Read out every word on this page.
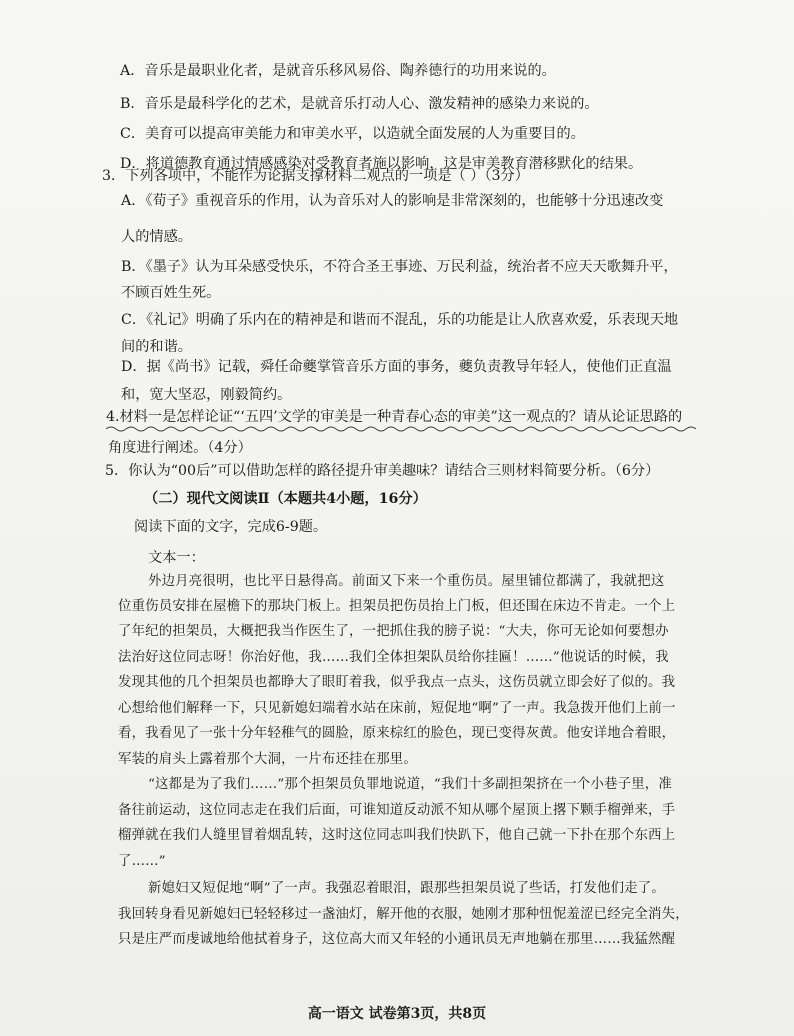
A．音乐是最职业化者，是就音乐移风易俗、陶养德行的功用来说的。
B．音乐是最科学化的艺术，是就音乐打动人心、激发精神的感染力来说的。
C．美育可以提高审美能力和审美水平，以造就全面发展的人为重要目的。
D．将道德教育通过情感感染对受教育者施以影响，这是审美教育潜移默化的结果。
3．下列各项中，不能作为论据支撑材料二观点的一项是（ ）（3分）
A．《荀子》重视音乐的作用，认为音乐对人的影响是非常深刻的，也能够十分迅速改变
人的情感。
B．《墨子》认为耳朵感受快乐，不符合圣王事迹、万民利益，统治者不应天天歌舞升平，
不顾百姓生死。
C．《礼记》明确了乐内在的精神是和谐而不混乱，乐的功能是让人欣喜欢爱，乐表现天地
间的和谐。
D．据《尚书》记载，舜任命夔掌管音乐方面的事务，夔负责教导年轻人，使他们正直温
和，宽大坚忍，刚毅简约。
4.材料一是怎样论证“‘五四’文学的审美是一种青春心态的审美”这一观点的？请从论证思路的
角度进行阐述。（4分）
5．你认为“00后”可以借助怎样的路径提升审美趣味？请结合三则材料简要分析。（6分）
（二）现代文阅读Ⅱ（本题共4小题，16分）
阅读下面的文字，完成6-9题。
文本一：
外边月亮很明，也比平日悬得高。前面又下来一个重伤员。屋里铺位都满了，我就把这
位重伤员安排在屋檐下的那块门板上。担架员把伤员抬上门板，但还围在床边不肯走。一个上
了年纪的担架员，大概把我当作医生了，一把抓住我的膀子说：“大夫，你可无论如何要想办
法治好这位同志呀！你治好他，我……我们全体担架队员给你挂匾！……”他说话的时候，我
发现其他的几个担架员也都睁大了眼盯着我，似乎我点一点头，这伤员就立即会好了似的。我
心想给他们解释一下，只见新媳妇端着水站在床前，短促地“啊”了一声。我急拨开他们上前一
看，我看见了一张十分年轻稚气的圆脸，原来棕红的脸色，现已变得灰黄。他安详地合着眼，
军装的肩头上露着那个大洞，一片布还挂在那里。
“这都是为了我们……”那个担架员负罪地说道，“我们十多副担架挤在一个小巷子里，准
备往前运动，这位同志走在我们后面，可谁知道反动派不知从哪个屋顶上撂下颗手榴弹来，手
榴弹就在我们人缝里冒着烟乱转，这时这位同志叫我们快趴下，他自己就一下扑在那个东西上
了……”
新媳妇又短促地“啊”了一声。我强忍着眼泪，跟那些担架员说了些话，打发他们走了。
我回转身看见新媳妇已轻轻移过一盏油灯，解开他的衣服，她刚才那种忸怩羞涩已经完全消失，
只是庄严而虔诚地给他拭着身子，这位高大而又年轻的小通讯员无声地躺在那里……我猛然醒
高一语文 试卷第3页，共8页
